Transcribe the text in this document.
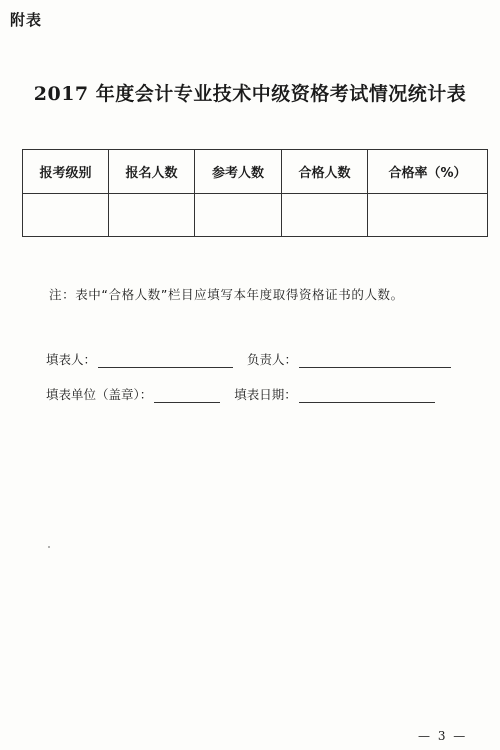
附表
2017 年度会计专业技术中级资格考试情况统计表
报考级别	报名人数	参考人数	合格人数	合格率（%）

注：表中“合格人数”栏目应填写本年度取得资格证书的人数。
填表人：	负责人：
填表单位（盖章）：	填表日期：
— 3 —
